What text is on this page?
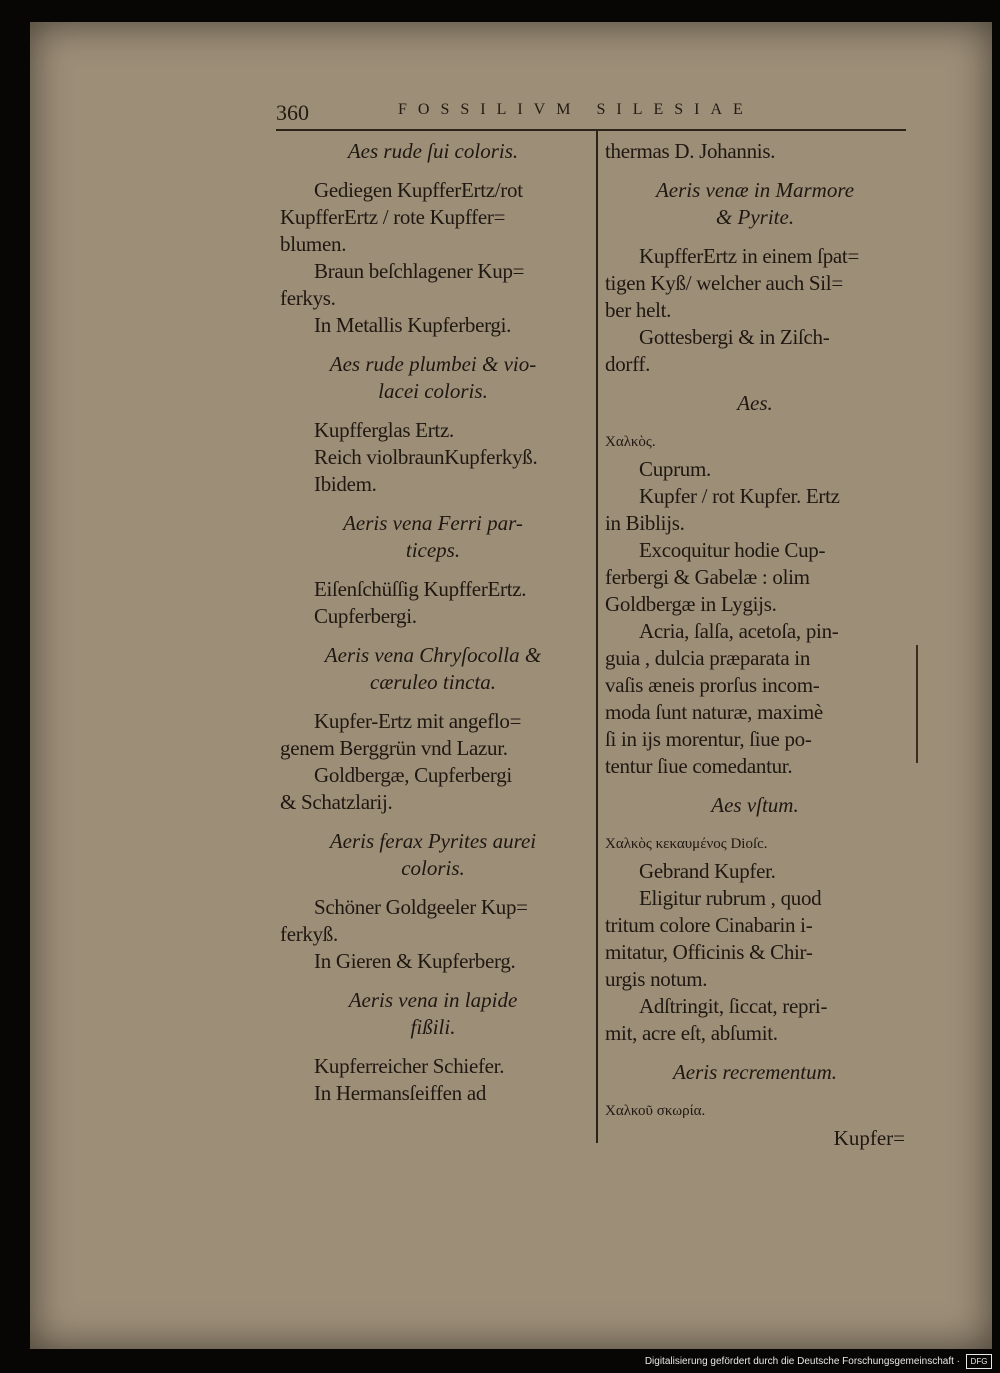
360	FOSSILIVM SILESIAE

Aes rude ſui coloris.

Gediegen KupfferErtz/rot

KupfferErtz / rote Kupffer=

blumen.

Braun beſchlagener Kup=

ferkys.

In Metallis Kupferbergi.

Aes rude plumbei & vio-

lacei coloris.

Kupfferglas Ertz.

Reich violbraunKupferkyß.

Ibidem.

Aeris vena Ferri par-

ticeps.

Eiſenſchüſſig KupfferErtz.

Cupferbergi.

Aeris vena Chryſocolla &

cæruleo tincta.

Kupfer-Ertz mit angeflo=

genem Berggrün vnd Lazur.

Goldbergæ, Cupferbergi

& Schatzlarij.

Aeris ferax Pyrites aurei

coloris.

Schöner Goldgeeler Kup=

ferkyß.

In Gieren & Kupferberg.

Aeris vena in lapide

fißili.

Kupferreicher Schiefer.

In Hermansſeiffen ad

thermas D. Johannis.

Aeris venæ in Marmore

& Pyrite.

KupfferErtz in einem ſpat=

tigen Kyß/ welcher auch Sil=

ber helt.

Gottesbergi & in Ziſch-

dorff.

Aes.

Χαλκὸς.

Cuprum.

Kupfer / rot Kupfer. Ertz

in Biblijs.

Excoquitur hodie Cup-

ferbergi & Gabelæ : olim

Goldbergæ in Lygijs.

Acria, ſalſa, acetoſa, pin-

guia , dulcia præparata in

vaſis æneis prorſus incom-

moda ſunt naturæ, maximè

ſi in ijs morentur, ſiue po-

tentur ſiue comedantur.

Aes vſtum.

Χαλκὸς κεκαυμένος Dioſc.

Gebrand Kupfer.

Eligitur rubrum , quod

tritum colore Cinabarin i-

mitatur, Officinis & Chir-

urgis notum.

Adſtringit, ſiccat, repri-

mit, acre eſt, abſumit.

Aeris recrementum.

Χαλκοῦ σκωρία.

Kupfer=

Digitalisierung gefördert durch die Deutsche Forschungsgemeinschaft ·	DFG
